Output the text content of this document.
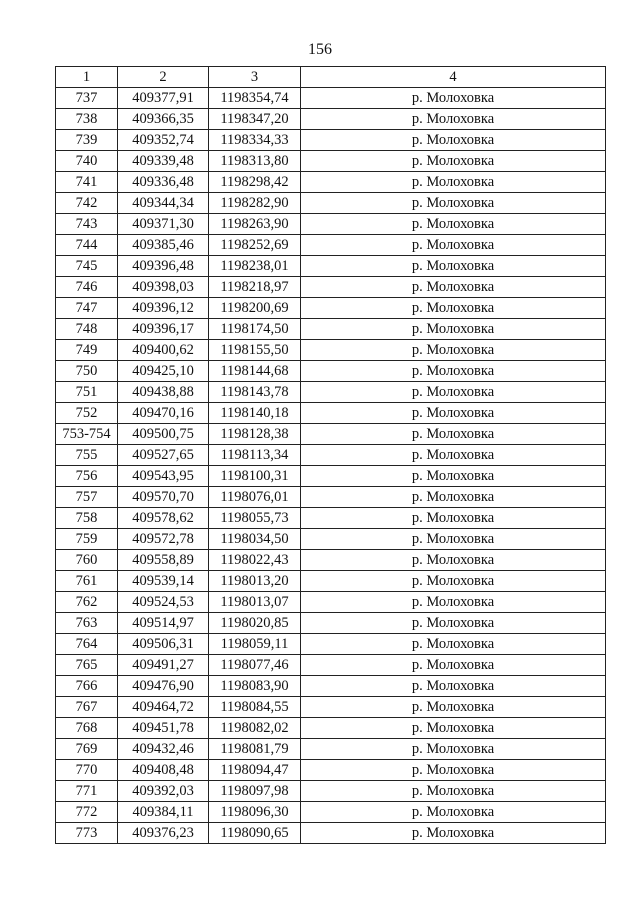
156
1	2	3	4
737	409377,91	1198354,74	р. Молоховка
738	409366,35	1198347,20	р. Молоховка
739	409352,74	1198334,33	р. Молоховка
740	409339,48	1198313,80	р. Молоховка
741	409336,48	1198298,42	р. Молоховка
742	409344,34	1198282,90	р. Молоховка
743	409371,30	1198263,90	р. Молоховка
744	409385,46	1198252,69	р. Молоховка
745	409396,48	1198238,01	р. Молоховка
746	409398,03	1198218,97	р. Молоховка
747	409396,12	1198200,69	р. Молоховка
748	409396,17	1198174,50	р. Молоховка
749	409400,62	1198155,50	р. Молоховка
750	409425,10	1198144,68	р. Молоховка
751	409438,88	1198143,78	р. Молоховка
752	409470,16	1198140,18	р. Молоховка
753-754	409500,75	1198128,38	р. Молоховка
755	409527,65	1198113,34	р. Молоховка
756	409543,95	1198100,31	р. Молоховка
757	409570,70	1198076,01	р. Молоховка
758	409578,62	1198055,73	р. Молоховка
759	409572,78	1198034,50	р. Молоховка
760	409558,89	1198022,43	р. Молоховка
761	409539,14	1198013,20	р. Молоховка
762	409524,53	1198013,07	р. Молоховка
763	409514,97	1198020,85	р. Молоховка
764	409506,31	1198059,11	р. Молоховка
765	409491,27	1198077,46	р. Молоховка
766	409476,90	1198083,90	р. Молоховка
767	409464,72	1198084,55	р. Молоховка
768	409451,78	1198082,02	р. Молоховка
769	409432,46	1198081,79	р. Молоховка
770	409408,48	1198094,47	р. Молоховка
771	409392,03	1198097,98	р. Молоховка
772	409384,11	1198096,30	р. Молоховка
773	409376,23	1198090,65	р. Молоховка
